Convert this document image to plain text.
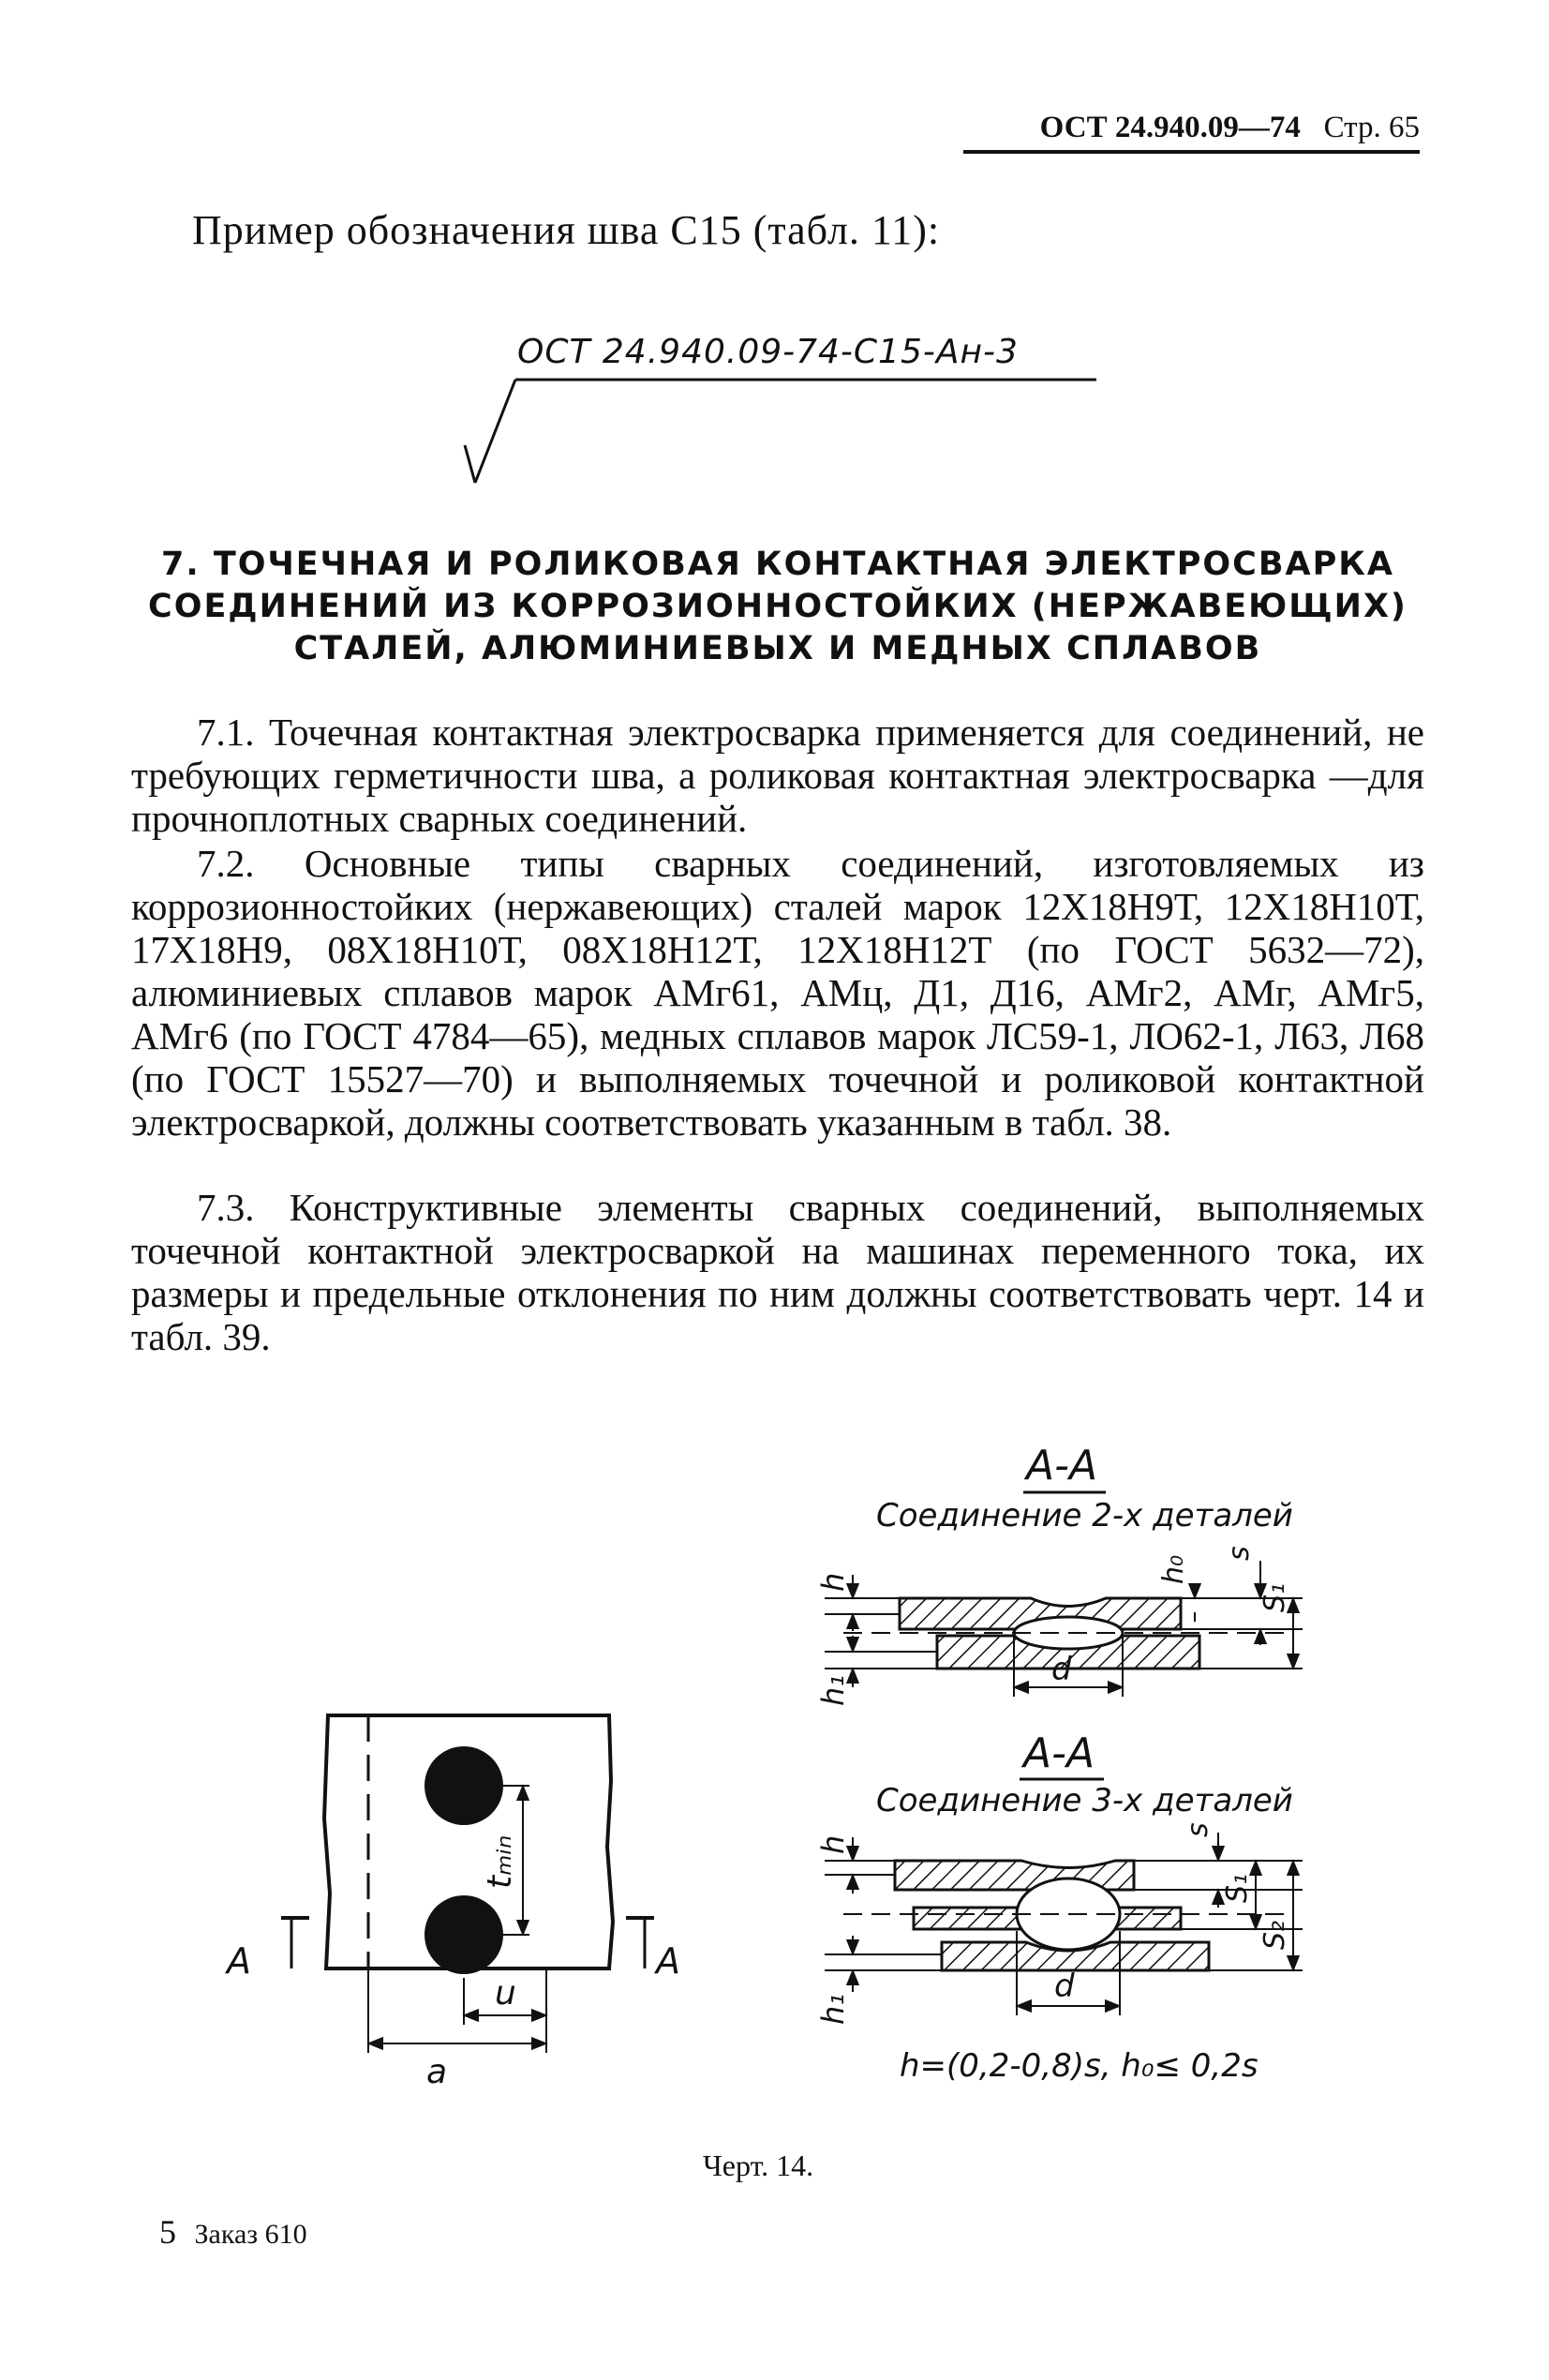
ОСТ 24.940.09—74 Стр. 65
Пример обозначения шва С15 (табл. 11):
ОСТ 24.940.09-74-С15-Ан-3
7. ТОЧЕЧНАЯ И РОЛИКОВАЯ КОНТАКТНАЯ ЭЛЕКТРОСВАРКА
СОЕДИНЕНИЙ ИЗ КОРРОЗИОННОСТОЙКИХ (НЕРЖАВЕЮЩИХ)
СТАЛЕЙ, АЛЮМИНИЕВЫХ И МЕДНЫХ СПЛАВОВ

7.1. Точечная контактная электросварка применяется для соединений, не требующих герметичности шва, а роликовая контактная электросварка —для прочноплотных сварных соединений.

7.2. Основные типы сварных соединений, изготовляемых из коррозионностойких (нержавеющих) сталей марок 12Х18Н9Т, 12Х18Н10Т, 17Х18Н9, 08Х18Н10Т, 08Х18Н12Т, 12Х18Н12Т (по ГОСТ 5632—72), алюминиевых сплавов марок АМг61, АМц, Д1, Д16, АМг2, АМг, АМг5, АМг6 (по ГОСТ 4784—65), медных сплавов марок ЛС59-1, ЛО62-1, Л63, Л68 (по ГОСТ 15527—70) и выполняемых точечной и роликовой контактной электросваркой, должны соответствовать указанным в табл. 38.

7.3. Конструктивные элементы сварных соединений, выполняемых точечной контактной электросваркой на машинах переменного тока, их размеры и предельные отклонения по ним должны соответствовать черт. 14 и табл. 39.

tₘᵢₙ
u
a
А	А
А-А
Соединение 2-х деталей
d
h
h₁
h₀
s
S₁
А-А
Соединение 3-х деталей
d
h
h₁
s
S₁
S₂
h=(0,2-0,8)s, h₀≤ 0,2s
Черт. 14.
5 Заказ 610
